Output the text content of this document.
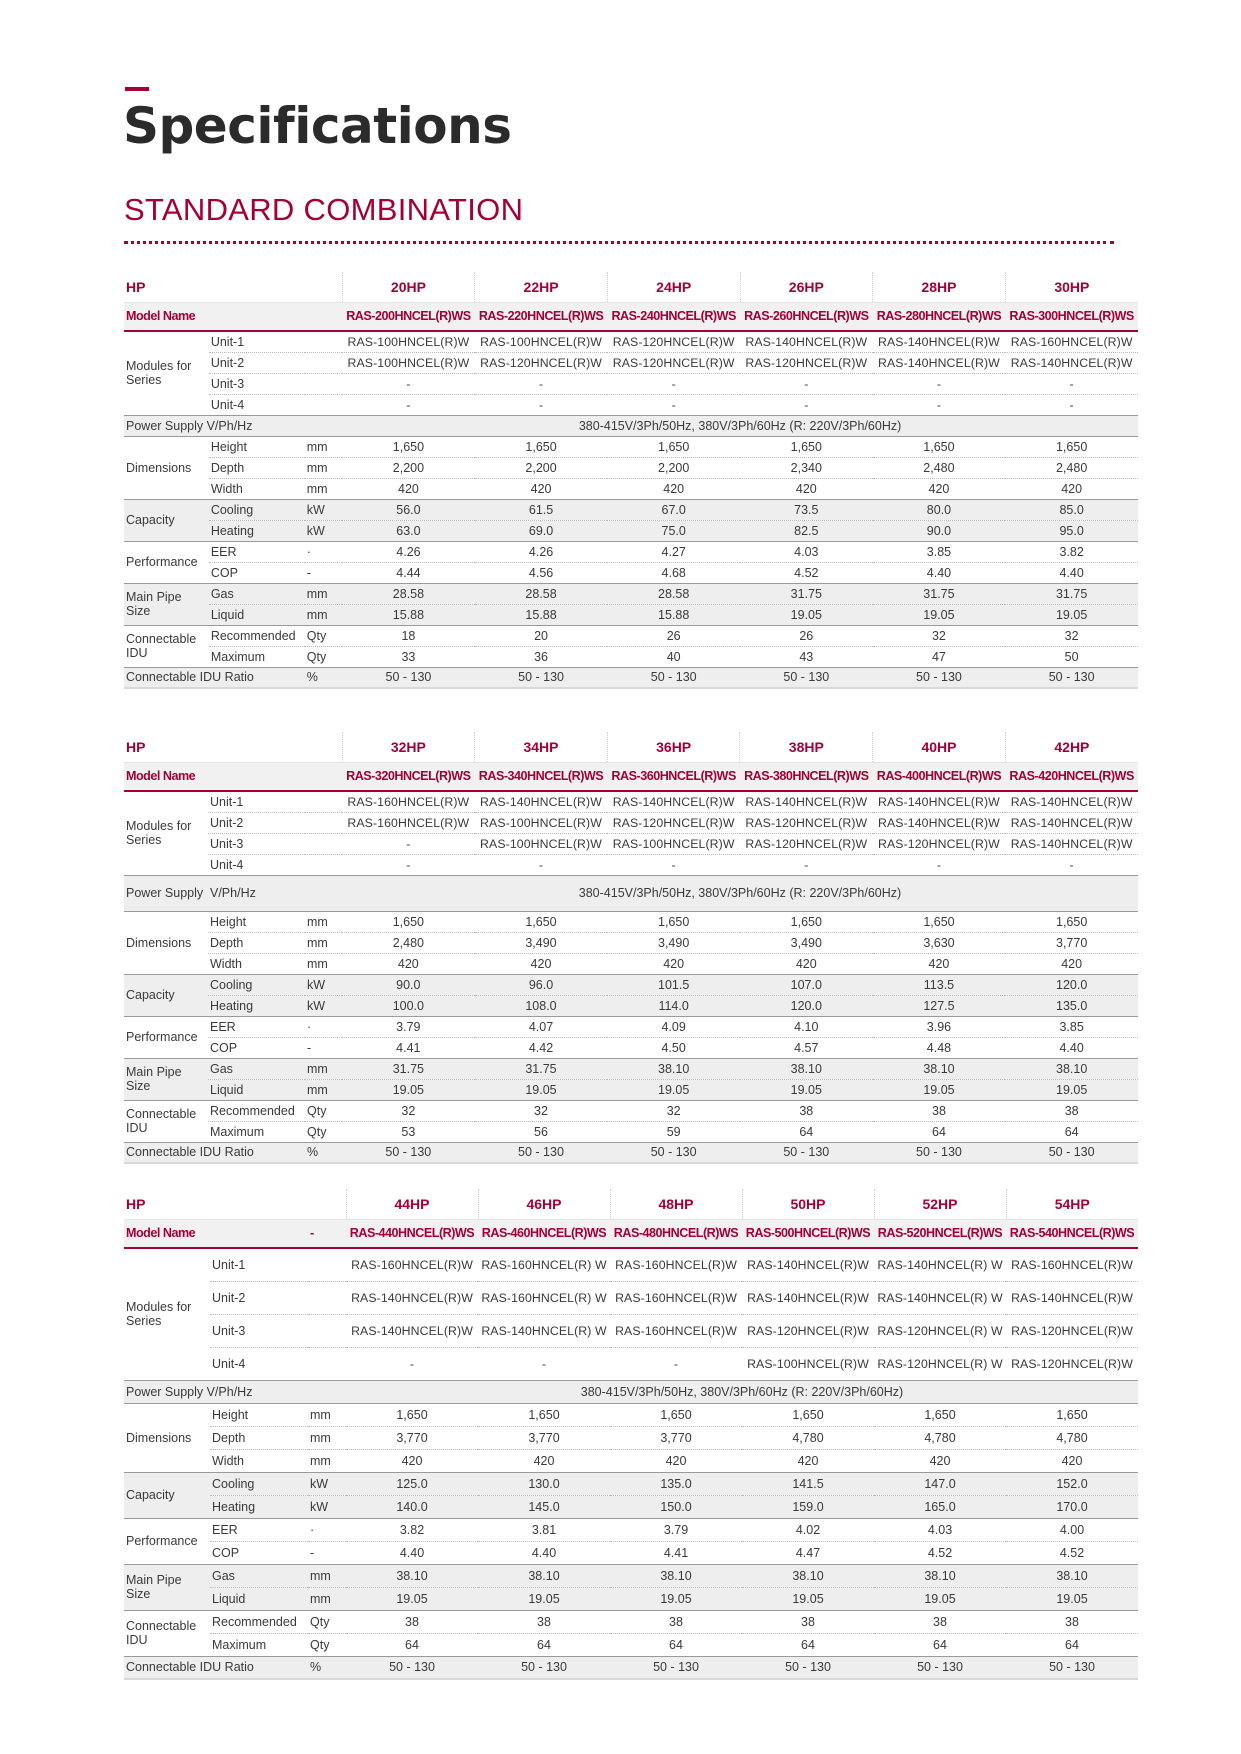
Specifications
STANDARD COMBINATION
HP			20HP	22HP	24HP	26HP	28HP	30HP
Model Name			RAS-200HNCEL(R)WS	RAS-220HNCEL(R)WS	RAS-240HNCEL(R)WS	RAS-260HNCEL(R)WS	RAS-280HNCEL(R)WS	RAS-300HNCEL(R)WS
Modules for Series	Unit-1		RAS-100HNCEL(R)W	RAS-100HNCEL(R)W	RAS-120HNCEL(R)W	RAS-140HNCEL(R)W	RAS-140HNCEL(R)W	RAS-160HNCEL(R)W
	Unit-2		RAS-100HNCEL(R)W	RAS-120HNCEL(R)W	RAS-120HNCEL(R)W	RAS-120HNCEL(R)W	RAS-140HNCEL(R)W	RAS-140HNCEL(R)W
	Unit-3		-	-	-	-	-	-
	Unit-4		-	-	-	-	-	-
Power Supply V/Ph/Hz			380-415V/3Ph/50Hz, 380V/3Ph/60Hz (R: 220V/3Ph/60Hz)					
Dimensions	Height	mm	1,650	1,650	1,650	1,650	1,650	1,650
	Depth	mm	2,200	2,200	2,200	2,340	2,480	2,480
	Width	mm	420	420	420	420	420	420
Capacity	Cooling	kW	56.0	61.5	67.0	73.5	80.0	85.0
	Heating	kW	63.0	69.0	75.0	82.5	90.0	95.0
Performance	EER	·	4.26	4.26	4.27	4.03	3.85	3.82
	COP	-	4.44	4.56	4.68	4.52	4.40	4.40
Main Pipe Size	Gas	mm	28.58	28.58	28.58	31.75	31.75	31.75
	Liquid	mm	15.88	15.88	15.88	19.05	19.05	19.05
Connectable IDU	Recommended	Qty	18	20	26	26	32	32
	Maximum	Qty	33	36	40	43	47	50
Connectable IDU Ratio		%	50 - 130	50 - 130	50 - 130	50 - 130	50 - 130	50 - 130
HP			32HP	34HP	36HP	38HP	40HP	42HP
Model Name			RAS-320HNCEL(R)WS	RAS-340HNCEL(R)WS	RAS-360HNCEL(R)WS	RAS-380HNCEL(R)WS	RAS-400HNCEL(R)WS	RAS-420HNCEL(R)WS
Modules for Series	Unit-1		RAS-160HNCEL(R)W	RAS-140HNCEL(R)W	RAS-140HNCEL(R)W	RAS-140HNCEL(R)W	RAS-140HNCEL(R)W	RAS-140HNCEL(R)W
	Unit-2		RAS-160HNCEL(R)W	RAS-100HNCEL(R)W	RAS-120HNCEL(R)W	RAS-120HNCEL(R)W	RAS-140HNCEL(R)W	RAS-140HNCEL(R)W
	Unit-3		-	RAS-100HNCEL(R)W	RAS-100HNCEL(R)W	RAS-120HNCEL(R)W	RAS-120HNCEL(R)W	RAS-140HNCEL(R)W
	Unit-4		-	-	-	-	-	-
Power Supply	V/Ph/Hz		380-415V/3Ph/50Hz, 380V/3Ph/60Hz (R: 220V/3Ph/60Hz)					
Dimensions	Height	mm	1,650	1,650	1,650	1,650	1,650	1,650
	Depth	mm	2,480	3,490	3,490	3,490	3,630	3,770
	Width	mm	420	420	420	420	420	420
Capacity	Cooling	kW	90.0	96.0	101.5	107.0	113.5	120.0
	Heating	kW	100.0	108.0	114.0	120.0	127.5	135.0
Performance	EER	·	3.79	4.07	4.09	4.10	3.96	3.85
	COP	-	4.41	4.42	4.50	4.57	4.48	4.40
Main Pipe Size	Gas	mm	31.75	31.75	38.10	38.10	38.10	38.10
	Liquid	mm	19.05	19.05	19.05	19.05	19.05	19.05
Connectable IDU	Recommended	Qty	32	32	32	38	38	38
	Maximum	Qty	53	56	59	64	64	64
Connectable IDU Ratio		%	50 - 130	50 - 130	50 - 130	50 - 130	50 - 130	50 - 130
HP			44HP	46HP	48HP	50HP	52HP	54HP
Model Name		-	RAS-440HNCEL(R)WS	RAS-460HNCEL(R)WS	RAS-480HNCEL(R)WS	RAS-500HNCEL(R)WS	RAS-520HNCEL(R)WS	RAS-540HNCEL(R)WS
Modules for Series	Unit-1		RAS-160HNCEL(R)W	RAS-160HNCEL(R) W	RAS-160HNCEL(R)W	RAS-140HNCEL(R)W	RAS-140HNCEL(R) W	RAS-160HNCEL(R)W
	Unit-2		RAS-140HNCEL(R)W	RAS-160HNCEL(R) W	RAS-160HNCEL(R)W	RAS-140HNCEL(R)W	RAS-140HNCEL(R) W	RAS-140HNCEL(R)W
	Unit-3		RAS-140HNCEL(R)W	RAS-140HNCEL(R) W	RAS-160HNCEL(R)W	RAS-120HNCEL(R)W	RAS-120HNCEL(R) W	RAS-120HNCEL(R)W
	Unit-4		-	-	-	RAS-100HNCEL(R)W	RAS-120HNCEL(R) W	RAS-120HNCEL(R)W
Power Supply V/Ph/Hz			380-415V/3Ph/50Hz, 380V/3Ph/60Hz (R: 220V/3Ph/60Hz)					
Dimensions	Height	mm	1,650	1,650	1,650	1,650	1,650	1,650
	Depth	mm	3,770	3,770	3,770	4,780	4,780	4,780
	Width	mm	420	420	420	420	420	420
Capacity	Cooling	kW	125.0	130.0	135.0	141.5	147.0	152.0
	Heating	kW	140.0	145.0	150.0	159.0	165.0	170.0
Performance	EER	·	3.82	3.81	3.79	4.02	4.03	4.00
	COP	-	4.40	4.40	4.41	4.47	4.52	4.52
Main Pipe Size	Gas	mm	38.10	38.10	38.10	38.10	38.10	38.10
	Liquid	mm	19.05	19.05	19.05	19.05	19.05	19.05
Connectable IDU	Recommended	Qty	38	38	38	38	38	38
	Maximum	Qty	64	64	64	64	64	64
Connectable IDU Ratio		%	50 - 130	50 - 130	50 - 130	50 - 130	50 - 130	50 - 130
